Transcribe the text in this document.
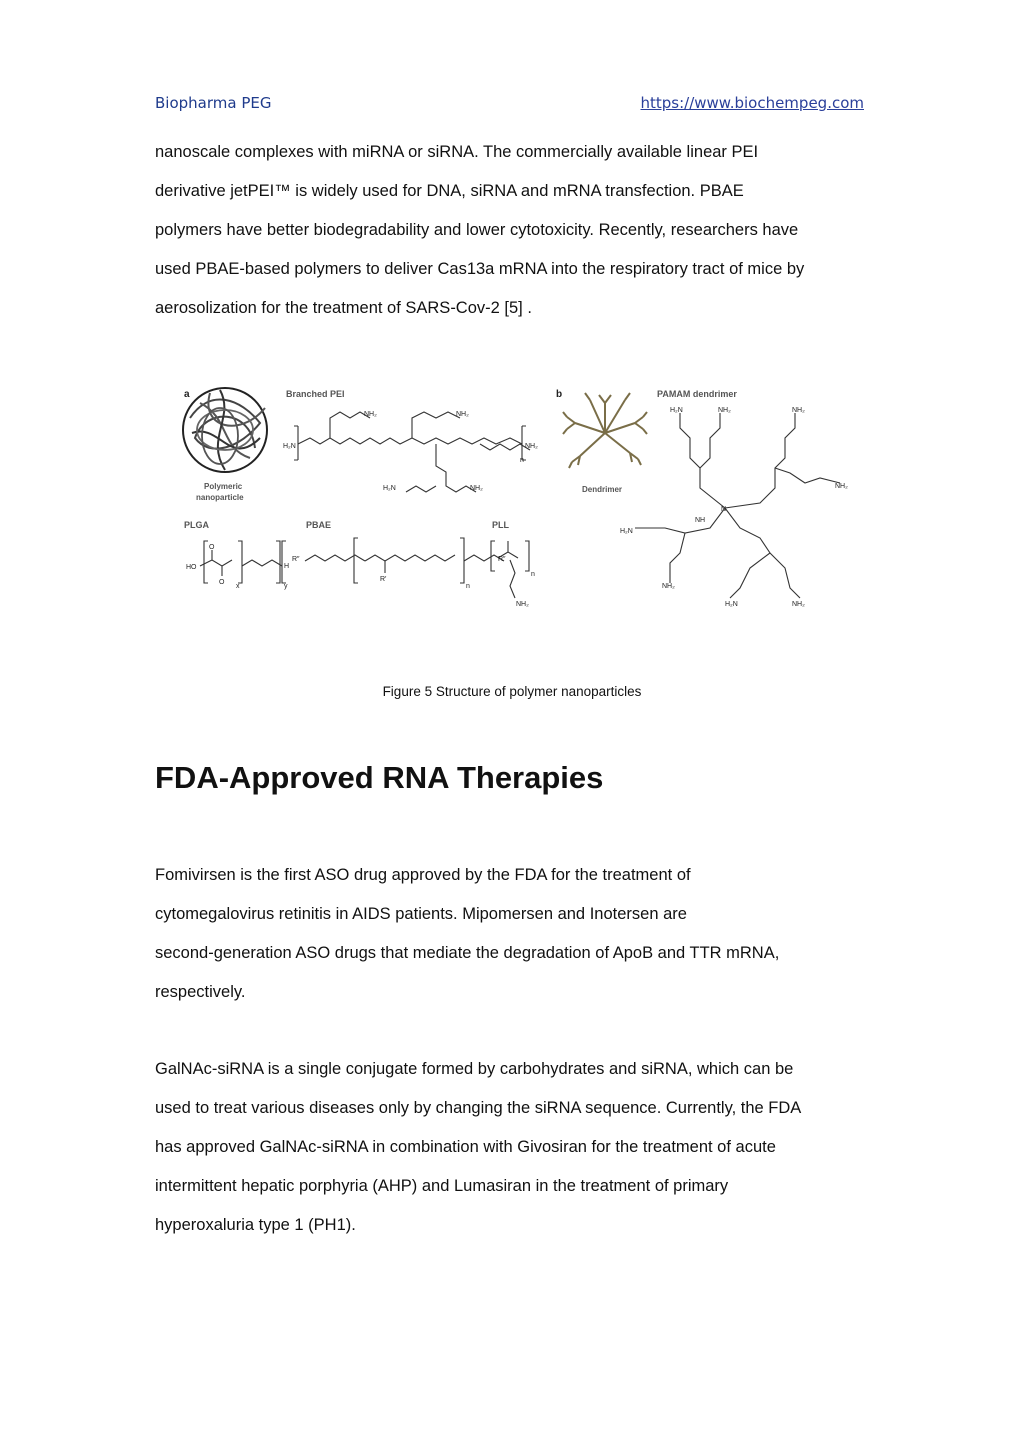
Biopharma PEG	https://www.biochempeg.com

nanoscale complexes with miRNA or siRNA. The commercially available linear PEI
derivative jetPEI™ is widely used for DNA, siRNA and mRNA transfection. PBAE
polymers have better biodegradability and lower cytotoxicity. Recently, researchers have
used PBAE-based polymers to deliver Cas13a mRNA into the respiratory tract of mice by
aerosolization for the treatment of SARS-Cov-2 [5] .

a	b
Branched PEI	PAMAM dendrimer
Polymeric
nanoparticle
Dendrimer
PLGA	PBAE	PLL
H₂N
NH₂	NH₂
NH₂
H₂N	NH₂
n
HO
O
O
x
H
y
R″
R′
n
R″
n
NH₂
H₂N	NH₂	NH₂
NH₂
H₂N
NH₂
H₂N	NH₂
N
NH
Figure 5 Structure of polymer nanoparticles
FDA-Approved RNA Therapies

Fomivirsen is the first ASO drug approved by the FDA for the treatment of
cytomegalovirus retinitis in AIDS patients. Mipomersen and Inotersen are
second-generation ASO drugs that mediate the degradation of ApoB and TTR mRNA,
respectively.

GalNAc-siRNA is a single conjugate formed by carbohydrates and siRNA, which can be
used to treat various diseases only by changing the siRNA sequence. Currently, the FDA
has approved GalNAc-siRNA in combination with Givosiran for the treatment of acute
intermittent hepatic porphyria (AHP) and Lumasiran in the treatment of primary
hyperoxaluria type 1 (PH1).
